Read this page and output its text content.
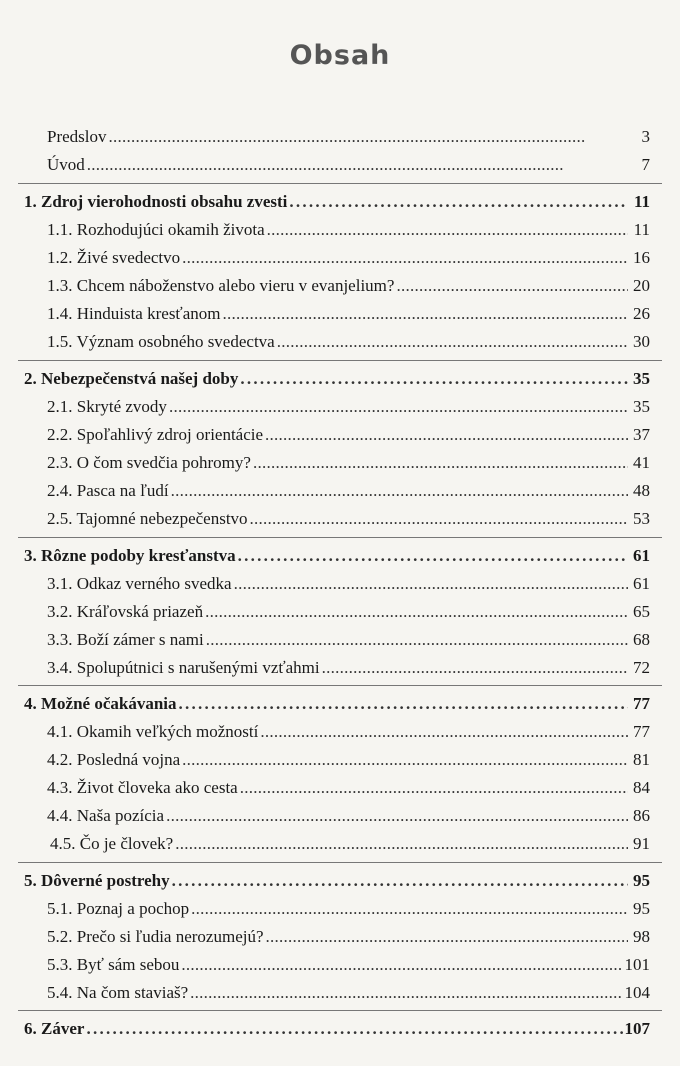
Obsah
Predslov . . .	3
Úvod . . .	7
1. Zdroj vierohodnosti obsahu zvesti . . .	11
1.1. Rozhodujúci okamih života . . .	11
1.2. Živé svedectvo . . .	16
1.3. Chcem náboženstvo alebo vieru v evanjelium? . . .	20
1.4. Hinduista kresťanom . . .	26
1.5. Význam osobného svedectva . . .	30
2. Nebezpečenstvá našej doby . . .	35
2.1. Skryté zvody . . .	35
2.2. Spoľahlivý zdroj orientácie . . .	37
2.3. O čom svedčia pohromy? . . .	41
2.4. Pasca na ľudí . . .	48
2.5. Tajomné nebezpečenstvo . . .	53
3. Rôzne podoby kresťanstva . . .	61
3.1. Odkaz verného svedka . . .	61
3.2. Kráľovská priazeň . . .	65
3.3. Boží zámer s nami . . .	68
3.4. Spolupútnici s narušenými vzťahmi . . .	72
4. Možné očakávania . . .	77
4.1. Okamih veľkých možností . . .	77
4.2. Posledná vojna . . .	81
4.3. Život človeka ako cesta . . .	84
4.4. Naša pozícia . . .	86
4.5. Čo je človek? . . .	91
5. Dôverné postrehy . . .	95
5.1. Poznaj a pochop . . .	95
5.2. Prečo si ľudia nerozumejú? . . .	98
5.3. Byť sám sebou . . .	101
5.4. Na čom staviaš? . . .	104
6. Záver . . .	107
